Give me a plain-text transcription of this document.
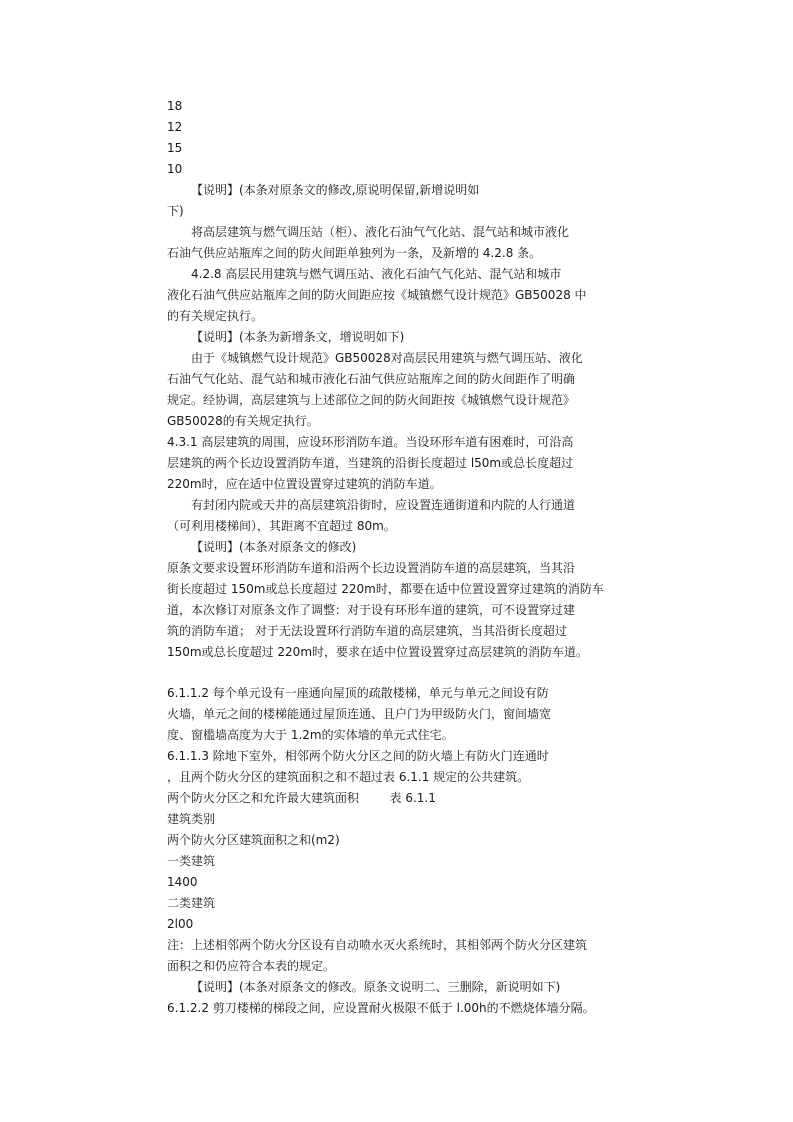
18
12
15
10
【说明】(本条对原条文的修改,原说明保留,新增说明如
下)
将高层建筑与燃气调压站（柜）、液化石油气气化站、混气站和城市液化
石油气供应站瓶库之间的防火间距单独列为一条，及新增的 4.2.8 条。
4.2.8 高层民用建筑与燃气调压站、液化石油气气化站、混气站和城市
液化石油气供应站瓶库之间的防火间距应按《城镇燃气设计规范》GB50028 中
的有关规定执行。
【说明】(本条为新增条文，增说明如下)
由于《城镇燃气设计规范》GB50028对高层民用建筑与燃气调压站、液化
石油气气化站、混气站和城市液化石油气供应站瓶库之间的防火间距作了明确
规定。经协调，高层建筑与上述部位之间的防火间距按《城镇燃气设计规范》
GB50028的有关规定执行。
4.3.1 高层建筑的周围，应设环形消防车道。当设环形车道有困难时，可沿高
层建筑的两个长边设置消防车道，当建筑的沿街长度超过 l50m或总长度超过
220m时，应在适中位置设置穿过建筑的消防车道。
有封闭内院或天井的高层建筑沿街时，应设置连通街道和内院的人行通道
（可利用楼梯间），其距离不宜超过 80m。
【说明】(本条对原条文的修改)
原条文要求设置环形消防车道和沿两个长边设置消防车道的高层建筑，当其沿
街长度超过 150m或总长度超过 220m时，都要在适中位置设置穿过建筑的消防车
道，本次修订对原条文作了调整：对于设有环形车道的建筑，可不设置穿过建
筑的消防车道； 对于无法设置环行消防车道的高层建筑，当其沿街长度超过
150m或总长度超过 220m时，要求在适中位置设置穿过高层建筑的消防车道。
6.1.1.2 每个单元设有一座通向屋顶的疏散楼梯，单元与单元之间设有防
火墙，单元之间的楼梯能通过屋顶连通、且户门为甲级防火门，窗间墙宽
度、窗槛墙高度为大于 1.2m的实体墙的单元式住宅。
6.1.1.3 除地下室外，相邻两个防火分区之间的防火墙上有防火门连通时
，且两个防火分区的建筑面积之和不超过表 6.1.1 规定的公共建筑。
两个防火分区之和允许最大建筑面积        表 6.1.1
建筑类别
两个防火分区建筑面积之和(m2)
一类建筑
1400
二类建筑
2l00
注：上述相邻两个防火分区设有自动喷水灭火系统时，其相邻两个防火分区建筑
面积之和仍应符合本表的规定。
【说明】(本条对原条文的修改。原条文说明二、三删除，新说明如下)
6.1.2.2 剪刀楼梯的梯段之间，应设置耐火极限不低于 l.00h的不燃烧体墙分隔。
